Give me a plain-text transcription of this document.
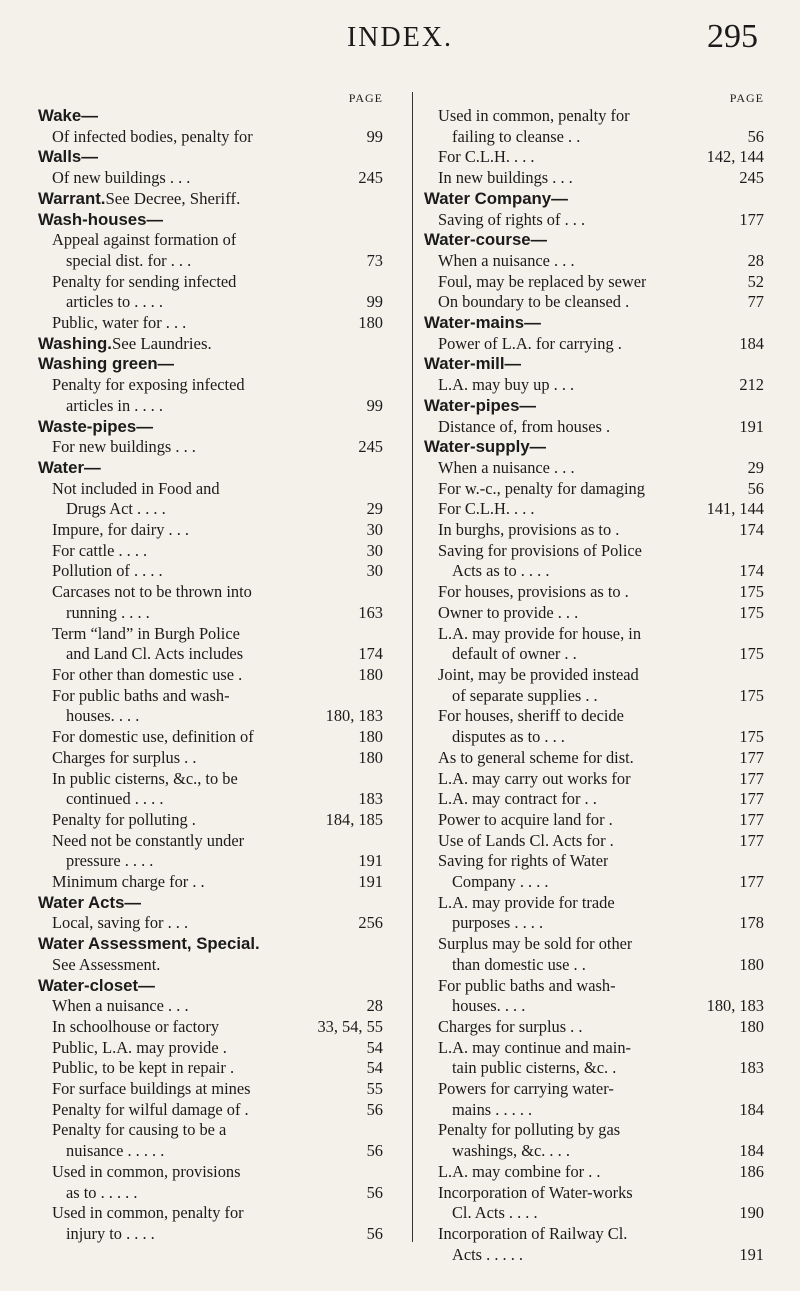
INDEX.	295
PAGE
Wake—
Of infected bodies, penalty for	99
Walls—
Of new buildings . . .	245
Warrant. See Decree, Sheriff.
Wash-houses—
Appeal against formation of
special dist. for . . .	73
Penalty for sending infected
articles to . . . .	99
Public, water for . . .	180
Washing. See Laundries.
Washing green—
Penalty for exposing infected
articles in . . . .	99
Waste-pipes—
For new buildings . . .	245
Water—
Not included in Food and
Drugs Act . . . .	29
Impure, for dairy . . .	30
For cattle . . . .	30
Pollution of . . . .	30
Carcases not to be thrown into
running . . . .	163
Term “land” in Burgh Police
and Land Cl. Acts includes	174
For other than domestic use .	180
For public baths and wash-
houses. . . .	180, 183
For domestic use, definition of	180
Charges for surplus . .	180
In public cisterns, &c., to be
continued . . . .	183
Penalty for polluting .	184, 185
Need not be constantly under
pressure . . . .	191
Minimum charge for . .	191
Water Acts—
Local, saving for . . .	256
Water Assessment, Special.
See Assessment.
Water-closet—
When a nuisance . . .	28
In schoolhouse or factory	33, 54, 55
Public, L.A. may provide .	54
Public, to be kept in repair .	54
For surface buildings at mines	55
Penalty for wilful damage of .	56
Penalty for causing to be a
nuisance . . . . .	56
Used in common, provisions
as to . . . . .	56
Used in common, penalty for
injury to . . . .	56
PAGE
Used in common, penalty for
failing to cleanse . .	56
For C.L.H. . . .	142, 144
In new buildings . . .	245
Water Company—
Saving of rights of . . .	177
Water-course—
When a nuisance . . .	28
Foul, may be replaced by sewer	52
On boundary to be cleansed .	77
Water-mains—
Power of L.A. for carrying .	184
Water-mill—
L.A. may buy up . . .	212
Water-pipes—
Distance of, from houses .	191
Water-supply—
When a nuisance . . .	29
For w.-c., penalty for damaging	56
For C.L.H. . . .	141, 144
In burghs, provisions as to .	174
Saving for provisions of Police
Acts as to . . . .	174
For houses, provisions as to .	175
Owner to provide . . .	175
L.A. may provide for house, in
default of owner . .	175
Joint, may be provided instead
of separate supplies . .	175
For houses, sheriff to decide
disputes as to . . .	175
As to general scheme for dist.	177
L.A. may carry out works for	177
L.A. may contract for . .	177
Power to acquire land for .	177
Use of Lands Cl. Acts for .	177
Saving for rights of Water
Company . . . .	177
L.A. may provide for trade
purposes . . . .	178
Surplus may be sold for other
than domestic use . .	180
For public baths and wash-
houses. . . .	180, 183
Charges for surplus . .	180
L.A. may continue and main-
tain public cisterns, &c. .	183
Powers for carrying water-
mains . . . . .	184
Penalty for polluting by gas
washings, &c. . . .	184
L.A. may combine for . .	186
Incorporation of Water-works
Cl. Acts . . . .	190
Incorporation of Railway Cl.
Acts . . . . .	191
